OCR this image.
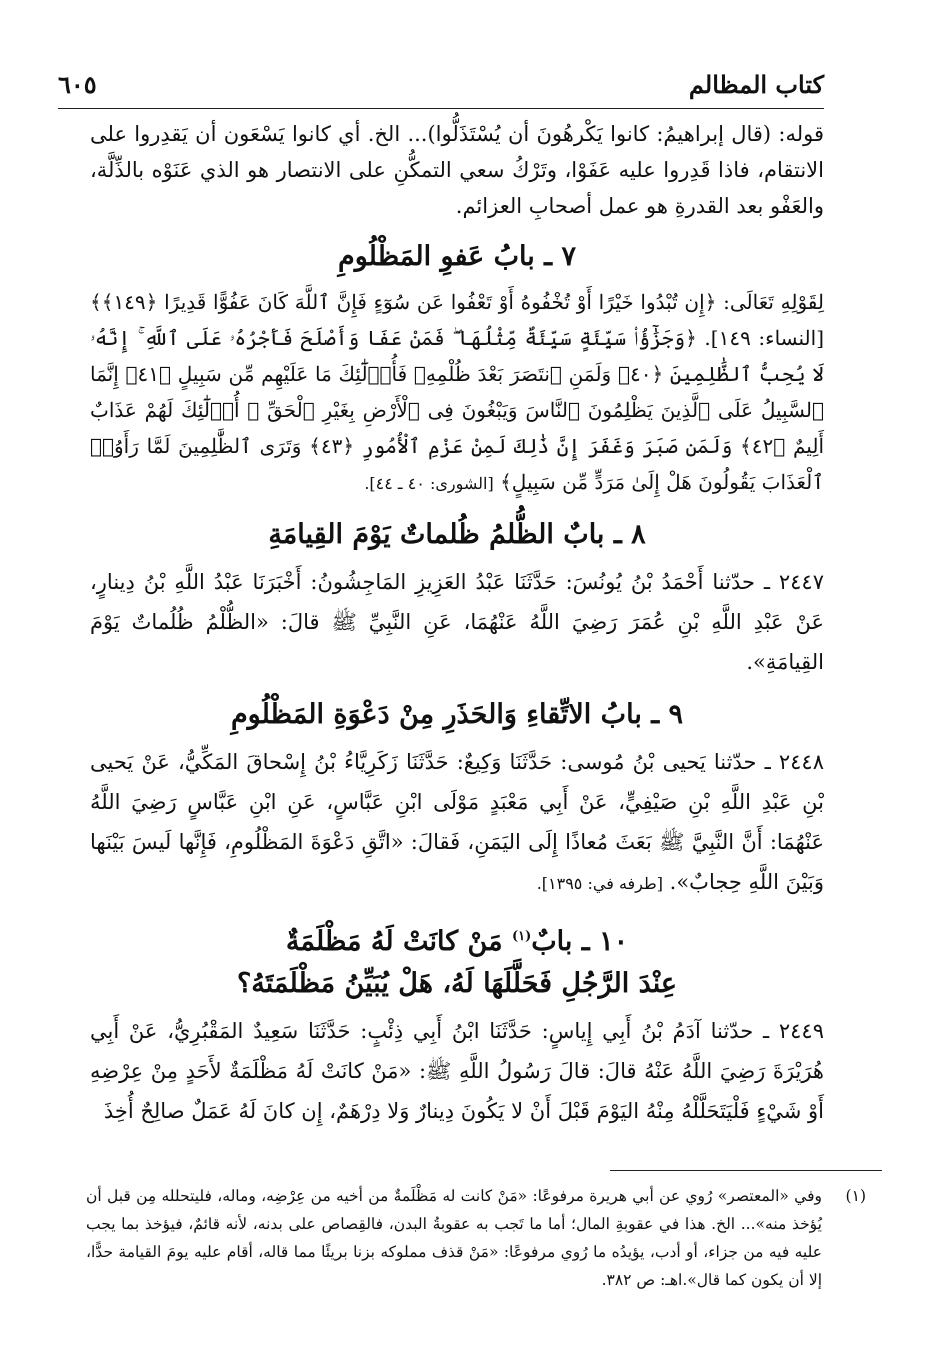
كتاب المظالم
٦٠٥

قوله: (قال إبراهيمُ: كانوا يَكْرهُونَ أن يُسْتَذَلُّوا)... الخ. أي كانوا يَسْعَون أن يَقدِروا على الانتقام، فاذا قَدِروا عليه عَفَوْا، وتَرْكُ سعي التمكُّنِ على الانتصار هو الذي عَنَوْه بالذِّلَّة، والعَفْو بعد القدرةِ هو عمل أصحابِ العزائم.

٧ ـ بابُ عَفوِ المَظْلُومِ

لِقَوْلِهِ تَعَالَى: ﴿إِن تُبْدُوا خَيْرًا أَوْ تُخْفُوهُ أَوْ تَعْفُوا عَن سُوٓءٍ فَإِنَّ ٱللَّهَ كَانَ عَفُوًّا قَدِيرًا ﴿١٤٩﴾﴾ [النساء: ١٤٩]. ﴿وَجَزَٰٓؤُا۟ سَيِّئَةٍ سَيِّئَةٌ مِّثْلُهَا ۖ فَمَنْ عَفَا وَأَصْلَحَ فَأَجْرُهُۥ عَلَى ٱللَّهِ ۚ إِنَّهُۥ لَا يُحِبُّ ٱلظَّٰلِمِينَ ﴿٤٠﴾ وَلَمَنِ ٱنتَصَرَ بَعْدَ ظُلْمِهِۦ فَأُو۟لَٰٓئِكَ مَا عَلَيْهِم مِّن سَبِيلٍ ﴿٤١﴾ إِنَّمَا ٱلسَّبِيلُ عَلَى ٱلَّذِينَ يَظْلِمُونَ ٱلنَّاسَ وَيَبْغُونَ فِى ٱلْأَرْضِ بِغَيْرِ ٱلْحَقِّ ۚ أُو۟لَٰٓئِكَ لَهُمْ عَذَابٌ أَلِيمٌ ﴿٤٢﴾ وَلَمَن صَبَرَ وَغَفَرَ إِنَّ ذَٰلِكَ لَمِنْ عَزْمِ ٱلْأُمُورِ ﴿٤٣﴾ وَتَرَى ٱلظَّٰلِمِينَ لَمَّا رَأَوُا۟ ٱلْعَذَابَ يَقُولُونَ هَلْ إِلَىٰ مَرَدٍّ مِّن سَبِيلٍ﴾ [الشورى: ٤٠ ـ ٤٤].

٨ ـ بابٌ الظُّلمُ ظُلماتٌ يَوْمَ القِيامَةِ

٢٤٤٧ ـ حدّثنا أَحْمَدُ بْنُ يُونُسَ: حَدَّثَنَا عَبْدُ العَزِيزِ المَاجِشُونُ: أَخْبَرَنَا عَبْدُ اللَّهِ بْنُ دِينارٍ، عَنْ عَبْدِ اللَّهِ بْنِ عُمَرَ رَضِيَ اللَّهُ عَنْهُمَا، عَنِ النَّبِيِّ ﷺ قالَ: «الظُّلْمُ ظُلُماتٌ يَوْمَ القِيامَةِ».

٩ ـ بابُ الاتِّقاءِ وَالحَذَرِ مِنْ دَعْوَةِ المَظْلُومِ

٢٤٤٨ ـ حدّثنا يَحيى بْنُ مُوسى: حَدَّثَنَا وَكِيعٌ: حَدَّثَنَا زَكَرِيَّاءُ بْنُ إِسْحاقَ المَكِّيُّ، عَنْ يَحيى بْنِ عَبْدِ اللَّهِ بْنِ صَيْفِيٍّ، عَنْ أَبِي مَعْبَدٍ مَوْلَى ابْنِ عَبَّاسٍ، عَنِ ابْنِ عَبَّاسٍ رَضِيَ اللَّهُ عَنْهُمَا: أَنَّ النَّبِيَّ ﷺ بَعَثَ مُعاذًا إِلَى اليَمَنِ، فَقالَ: «اتَّقِ دَعْوَةَ المَظْلُومِ، فَإِنَّها لَيسَ بَيْنَها وَبَيْنَ اللَّهِ حِجابٌ». [طرفه في: ١٣٩٥].

١٠ ـ بابٌ$^{(١)}$ مَنْ كانَتْ لَهُ مَظْلَمَةٌ
عِنْدَ الرَّجُلِ فَحَلَّلَهَا لَهُ، هَلْ يُبَيِّنُ مَظْلَمَتَهُ؟

٢٤٤٩ ـ حدّثنا آدَمُ بْنُ أَبِي إِياسٍ: حَدَّثَنَا ابْنُ أَبِي ذِئْبٍ: حَدَّثَنَا سَعِيدٌ المَقْبُرِيُّ، عَنْ أَبِي هُرَيْرَةَ رَضِيَ اللَّهُ عَنْهُ قالَ: قالَ رَسُولُ اللَّهِ ﷺ: «مَنْ كانَتْ لَهُ مَظْلَمَةٌ لأَحَدٍ مِنْ عِرْضِهِ أَوْ شَيْءٍ فَلْيَتَحَلَّلْهُ مِنْهُ اليَوْمَ قَبْلَ أَنْ لا يَكُونَ دِينارٌ وَلا دِرْهَمٌ، إِن كانَ لَهُ عَمَلٌ صالِحٌ أُخِذَ

(١)
وفي «المعتصر» رُوي عن أبي هريرة مرفوعًا: «مَنْ كانت له مَظْلَمةٌ من أخيه من عِرْضِه، وماله، فليتحلله مِن قبل أن يُؤخذ منه»... الخ. هذا في عقوبةِ المال؛ أما ما تَجب به عقوبةُ البدن، فالقِصاص على بدنه، لأنه قائمٌ، فيؤخذ بما يجب عليه فيه من جزاء، أو أدب، يؤيدُه ما رُوي مرفوعًا: «مَنْ قذف مملوكه بزنا بريئًا مما قاله، أقام عليه يومَ القيامة حدًّا، إلا أن يكون كما قال».اهـ: ص ٣٨٢.
